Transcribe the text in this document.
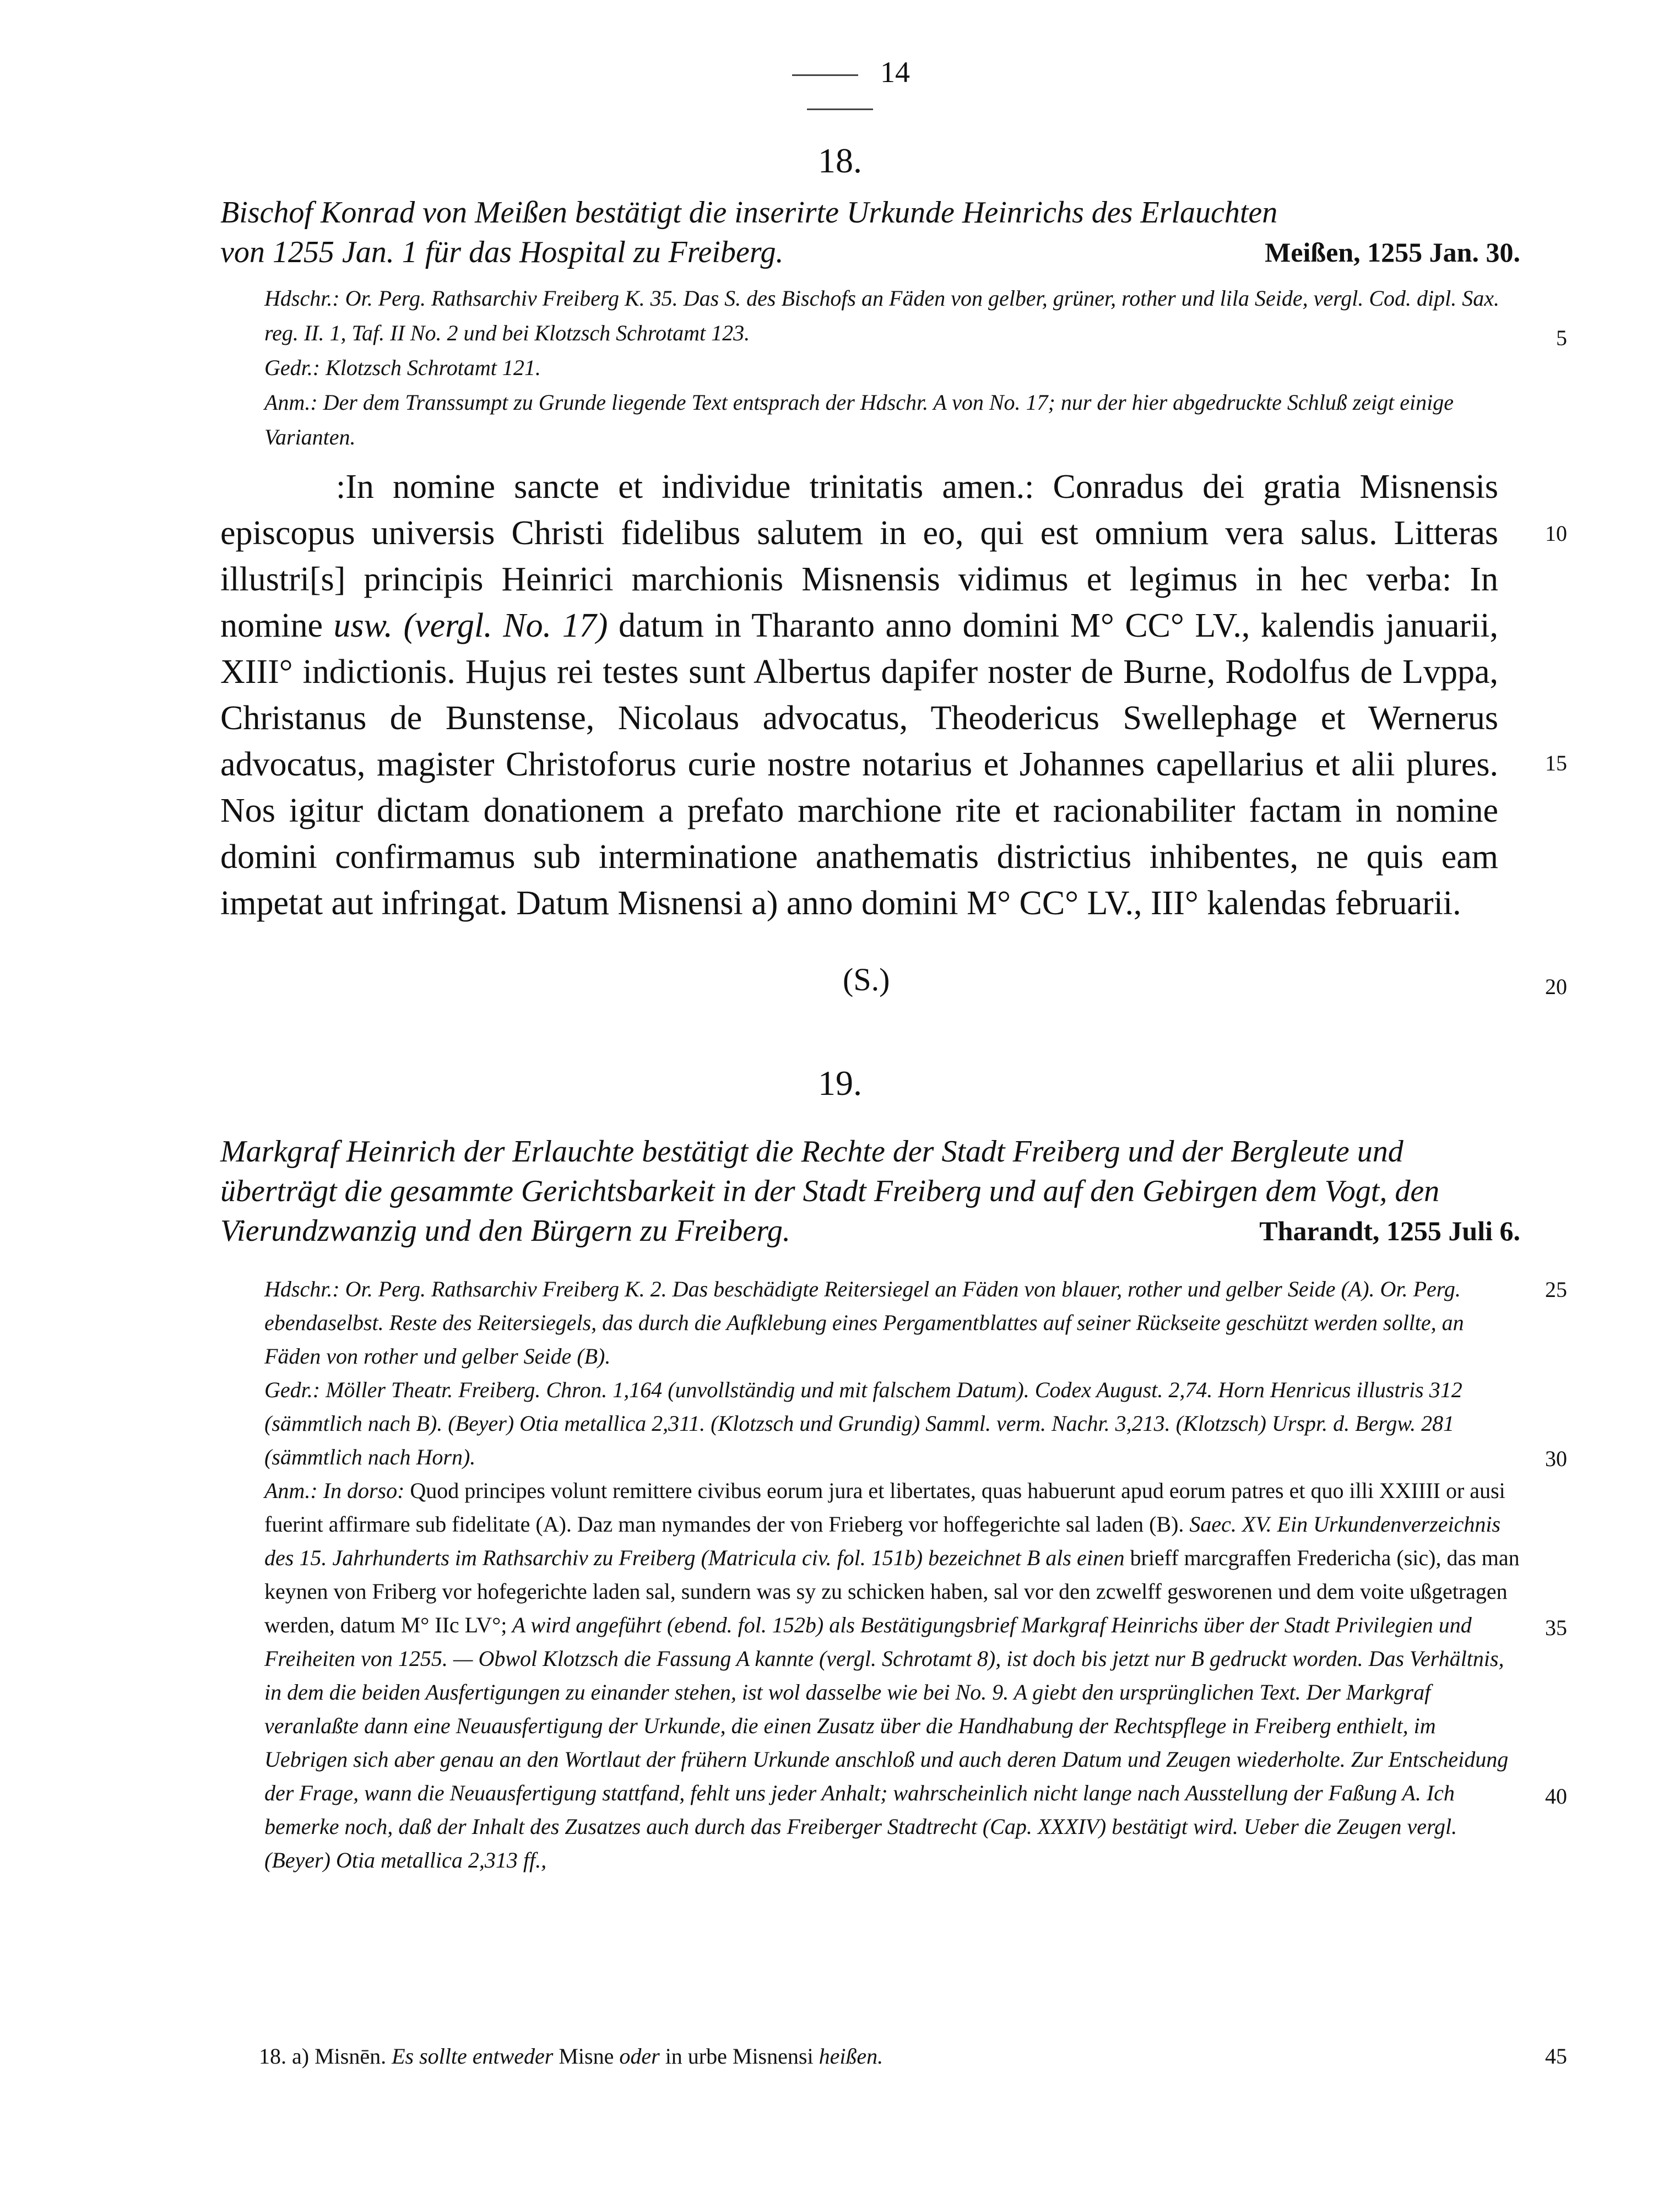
14
18.
Bischof Konrad von Meißen bestätigt die inserirte Urkunde Heinrichs des Erlauchten von 1255 Jan. 1 für das Hospital zu Freiberg.	Meißen, 1255 Jan. 30.

Hdschr.: Or. Perg. Rathsarchiv Freiberg K. 35. Das S. des Bischofs an Fäden von gelber, grüner, rother und lila Seide, vergl. Cod. dipl. Sax. reg. II. 1, Taf. II No. 2 und bei Klotzsch Schrotamt 123.

Gedr.: Klotzsch Schrotamt 121.

Anm.: Der dem Transsumpt zu Grunde liegende Text entsprach der Hdschr. A von No. 17; nur der hier abgedruckte Schluß zeigt einige Varianten.

:In nomine sancte et individue trinitatis amen.: Conradus dei gratia Misnensis episcopus universis Christi fidelibus salutem in eo, qui est omnium vera salus. Litteras illustri[s] principis Heinrici marchionis Misnensis vidimus et legimus in hec verba: In nomine usw. (vergl. No. 17) datum in Tharanto anno domini M° CC° LV., kalendis januarii, XIII° indictionis. Hujus rei testes sunt Albertus dapifer noster de Burne, Rodolfus de Lvppa, Christanus de Bunstense, Nicolaus advocatus, Theodericus Swellephage et Wernerus advocatus, magister Christoforus curie nostre notarius et Johannes capellarius et alii plures. Nos igitur dictam donationem a prefato marchione rite et racionabiliter factam in nomine domini confirmamus sub interminatione anathematis districtius inhibentes, ne quis eam impetat aut infringat. Datum Misnensi a) anno domini M° CC° LV., III° kalendas februarii.

(S.)
19.
Markgraf Heinrich der Erlauchte bestätigt die Rechte der Stadt Freiberg und der Bergleute und überträgt die gesammte Gerichtsbarkeit in der Stadt Freiberg und auf den Gebirgen dem Vogt, den Vierundzwanzig und den Bürgern zu Freiberg.	Tharandt, 1255 Juli 6.

Hdschr.: Or. Perg. Rathsarchiv Freiberg K. 2. Das beschädigte Reitersiegel an Fäden von blauer, rother und gelber Seide (A). Or. Perg. ebendaselbst. Reste des Reitersiegels, das durch die Aufklebung eines Pergamentblattes auf seiner Rückseite geschützt werden sollte, an Fäden von rother und gelber Seide (B).

Gedr.: Möller Theatr. Freiberg. Chron. 1,164 (unvollständig und mit falschem Datum). Codex August. 2,74. Horn Henricus illustris 312 (sämmtlich nach B). (Beyer) Otia metallica 2,311. (Klotzsch und Grundig) Samml. verm. Nachr. 3,213. (Klotzsch) Urspr. d. Bergw. 281 (sämmtlich nach Horn).

Anm.: In dorso: Quod principes volunt remittere civibus eorum jura et libertates, quas habuerunt apud eorum patres et quo illi XXIIII or ausi fuerint affirmare sub fidelitate (A). Daz man nymandes der von Frieberg vor hoffegerichte sal laden (B). Saec. XV. Ein Urkundenverzeichnis des 15. Jahrhunderts im Rathsarchiv zu Freiberg (Matricula civ. fol. 151b) bezeichnet B als einen brieff marcgraffen Fredericha (sic), das man keynen von Friberg vor hofegerichte laden sal, sundern was sy zu schicken haben, sal vor den zcwelff gesworenen und dem voite ußgetragen werden, datum M° IIc LV°; A wird angeführt (ebend. fol. 152b) als Bestätigungsbrief Markgraf Heinrichs über der Stadt Privilegien und Freiheiten von 1255. — Obwol Klotzsch die Fassung A kannte (vergl. Schrotamt 8), ist doch bis jetzt nur B gedruckt worden. Das Verhältnis, in dem die beiden Ausfertigungen zu einander stehen, ist wol dasselbe wie bei No. 9. A giebt den ursprünglichen Text. Der Markgraf veranlaßte dann eine Neuausfertigung der Urkunde, die einen Zusatz über die Handhabung der Rechtspflege in Freiberg enthielt, im Uebrigen sich aber genau an den Wortlaut der frühern Urkunde anschloß und auch deren Datum und Zeugen wiederholte. Zur Entscheidung der Frage, wann die Neuausfertigung stattfand, fehlt uns jeder Anhalt; wahrscheinlich nicht lange nach Ausstellung der Faßung A. Ich bemerke noch, daß der Inhalt des Zusatzes auch durch das Freiberger Stadtrecht (Cap. XXXIV) bestätigt wird. Ueber die Zeugen vergl. (Beyer) Otia metallica 2,313 ff.,

18. a) Misnēn. Es sollte entweder Misne oder in urbe Misnensi heißen.
5
10
15
20
25
30
35
40
45
